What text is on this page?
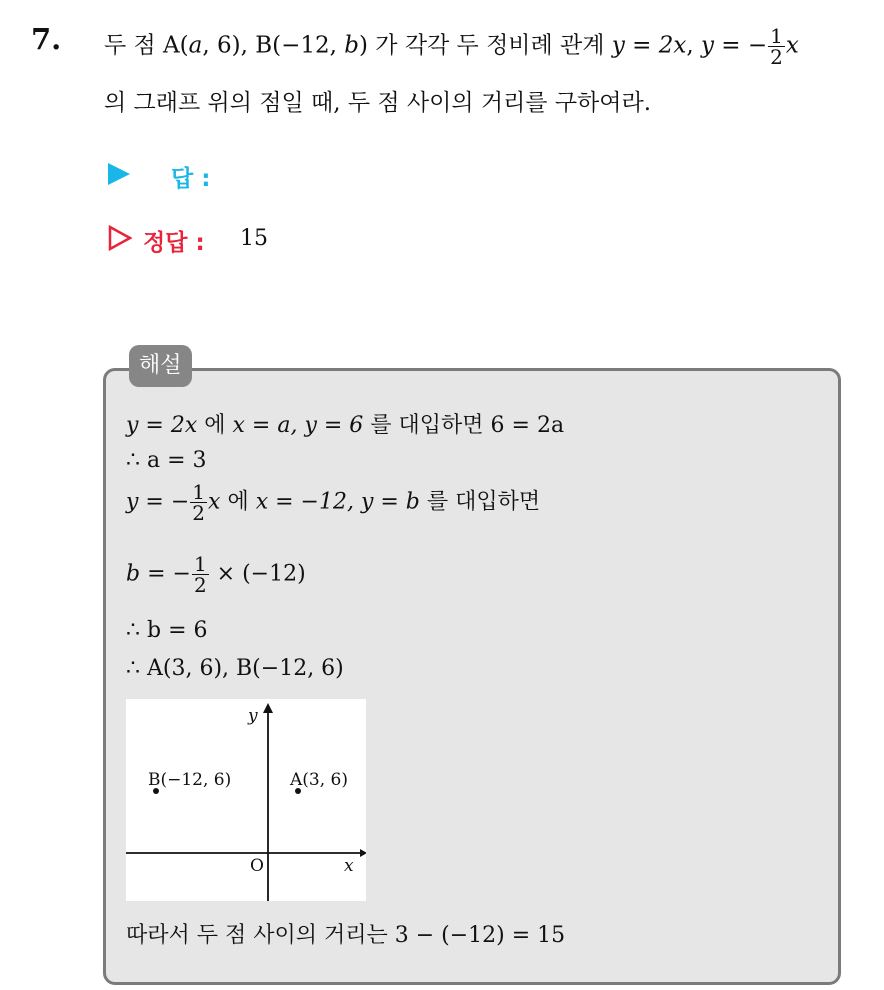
7. 두 점 A(a, 6), B(−12, b) 가 각각 두 정비례 관계 y = 2x, y = − $\frac{1}{2}$ x
의 그래프 위의 점일 때, 두 점 사이의 거리를 구하여라.
답 :
정답 : 15
해설
y = 2x 에 x = a, y = 6 를 대입하면 6 = 2a
∴ a = 3
y = − $\frac{1}{2}$ x 에 x = −12, y = b 를 대입하면
b = − $\frac{1}{2} \times (-12)$
∴ b = 6
∴ A(3, 6), B(−12, 6)
y
x
O
A(3, 6)
B(−12, 6)
따라서 두 점 사이의 거리는 3 − (−12) = 15
